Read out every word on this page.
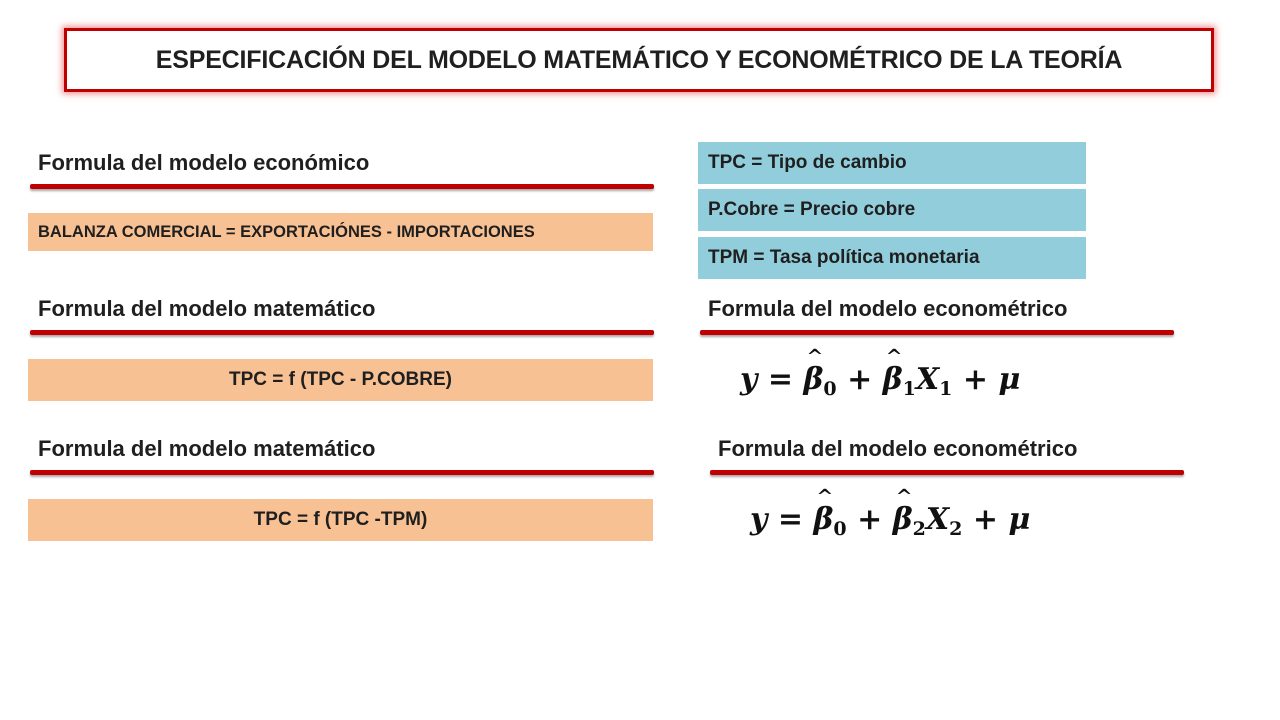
ESPECIFICACIÓN DEL MODELO MATEMÁTICO Y ECONOMÉTRICO DE LA TEORÍA
Formula del modelo económico
BALANZA COMERCIAL = EXPORTACIÓNES - IMPORTACIONES
TPC = Tipo de cambio
P.Cobre = Precio cobre
TPM = Tasa política monetaria
Formula del modelo matemático
TPC = f (TPC - P.COBRE)
Formula del modelo econométrico
y = ^ $\beta_0$ + ^ $\beta_1X_1 + \mu$
Formula del modelo matemático
TPC = f (TPC -TPM)
Formula del modelo econométrico
y = ^ $\beta_0$ + ^ $\beta_2X_2 + \mu$
